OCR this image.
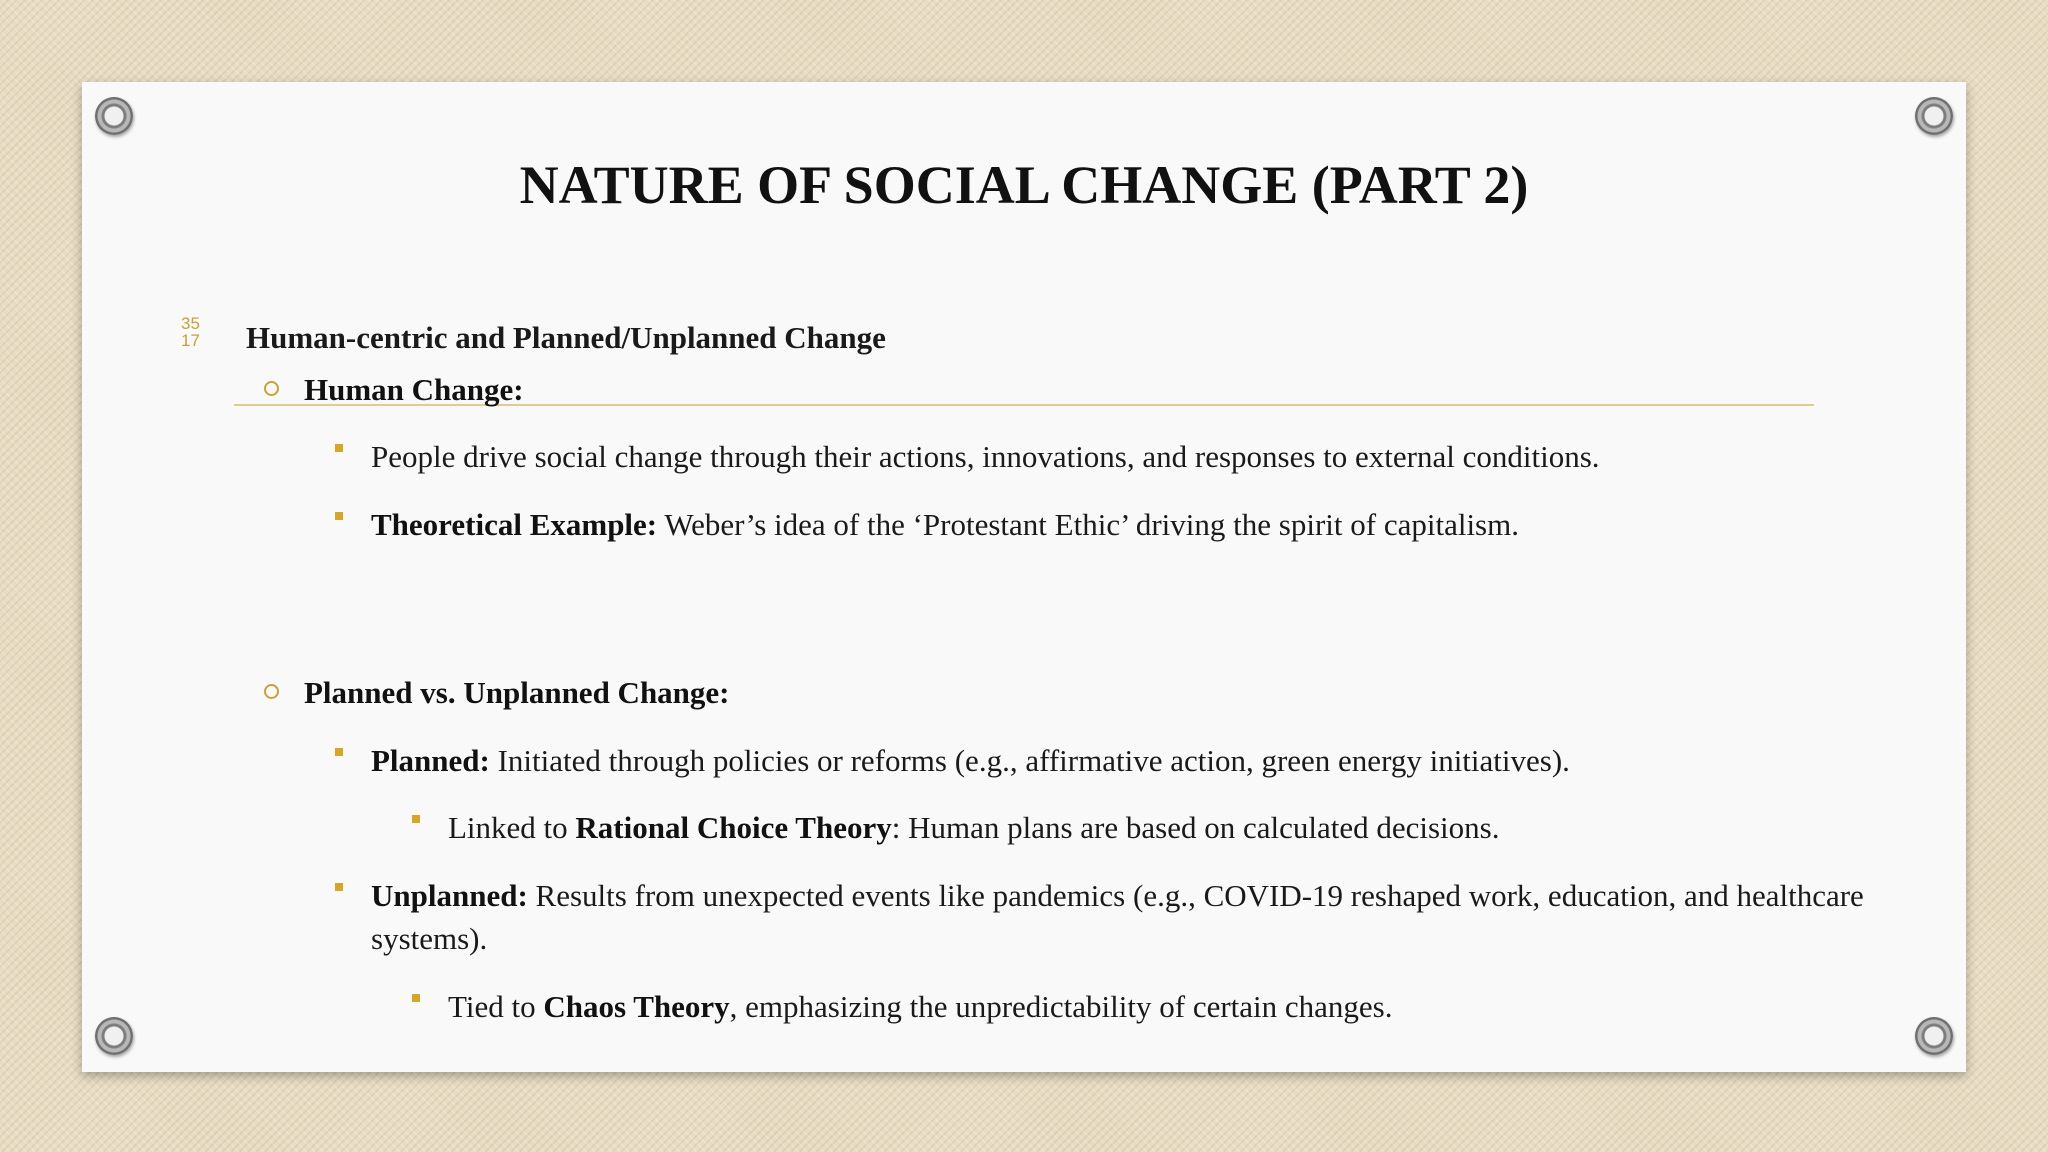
NATURE OF SOCIAL CHANGE (PART 2)
35
17 Human-centric and Planned/Unplanned Change
Human Change:
People drive social change through their actions, innovations, and responses to external conditions.
Theoretical Example: Weber’s idea of the ‘Protestant Ethic’ driving the spirit of capitalism.
Planned vs. Unplanned Change:
Planned: Initiated through policies or reforms (e.g., affirmative action, green energy initiatives).
Linked to Rational Choice Theory: Human plans are based on calculated decisions.
Unplanned: Results from unexpected events like pandemics (e.g., COVID-19 reshaped work, education, and healthcare systems).
Tied to Chaos Theory, emphasizing the unpredictability of certain changes.
